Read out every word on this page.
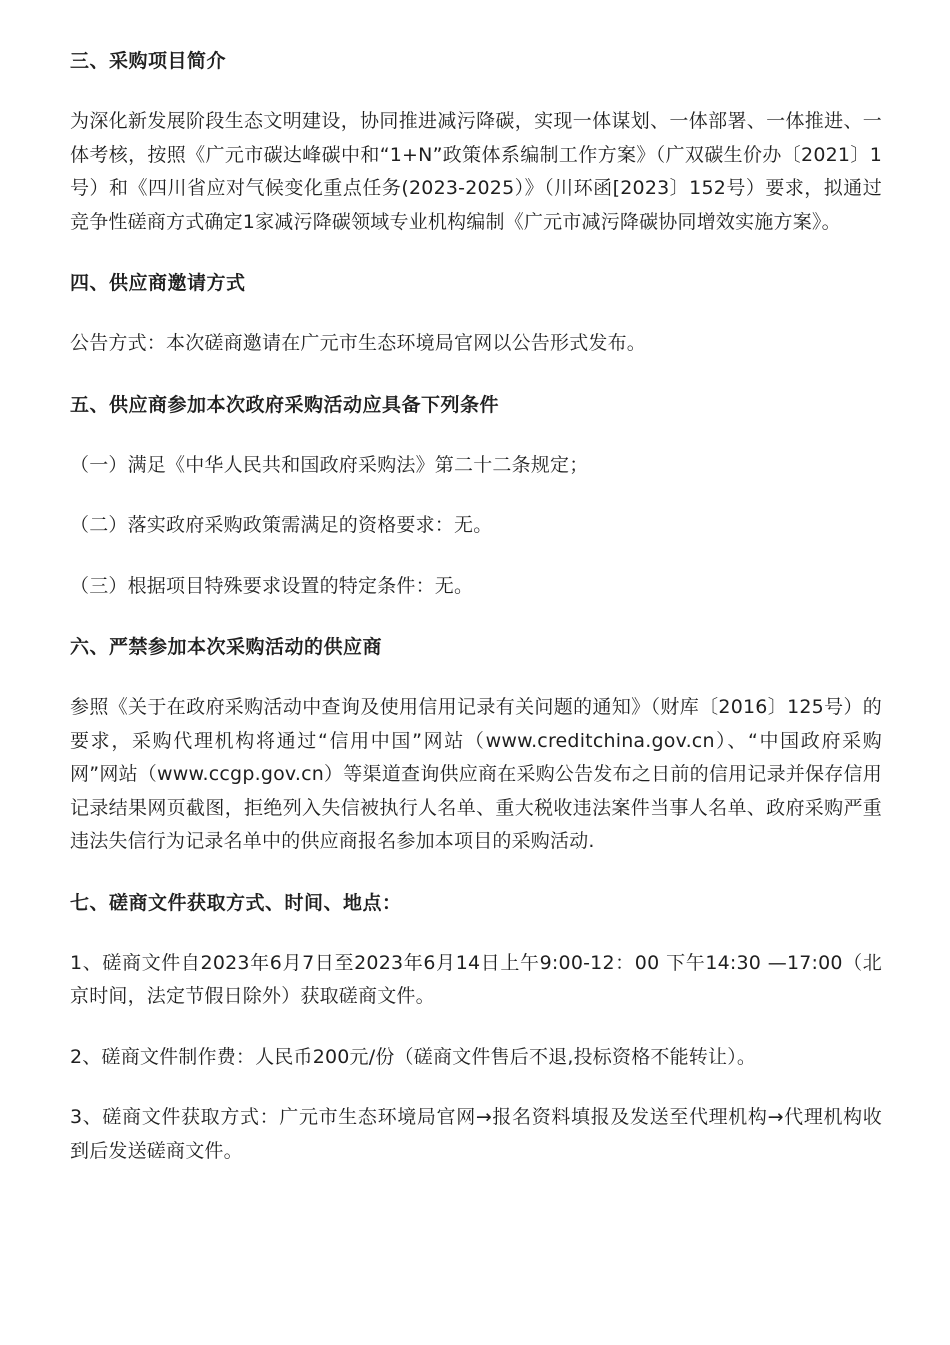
三、采购项目简介
为深化新发展阶段生态文明建设，协同推进减污降碳，实现一体谋划、一体部署、一体推进、一体考核，按照《广元市碳达峰碳中和“1+N”政策体系编制工作方案》（广双碳生价办〔2021〕1号）和《四川省应对气候变化重点任务(2023-2025）》（川环函[2023〕152号）要求，拟通过竞争性磋商方式确定1家减污降碳领域专业机构编制《广元市减污降碳协同增效实施方案》。
四、供应商邀请方式
公告方式：本次磋商邀请在广元市生态环境局官网以公告形式发布。
五、供应商参加本次政府采购活动应具备下列条件
（一）满足《中华人民共和国政府采购法》第二十二条规定；
（二）落实政府采购政策需满足的资格要求：无。
（三）根据项目特殊要求设置的特定条件：无。
六、严禁参加本次采购活动的供应商
参照《关于在政府采购活动中查询及使用信用记录有关问题的通知》（财库〔2016〕125号）的要求，采购代理机构将通过“信用中国”网站（www.creditchina.gov.cn）、“中国政府采购网”网站（www.ccgp.gov.cn）等渠道查询供应商在采购公告发布之日前的信用记录并保存信用记录结果网页截图，拒绝列入失信被执行人名单、重大税收违法案件当事人名单、政府采购严重违法失信行为记录名单中的供应商报名参加本项目的采购活动.
七、磋商文件获取方式、时间、地点：
1、磋商文件自2023年6月7日至2023年6月14日上午9:00-12：00 下午14:30 —17:00（北京时间，法定节假日除外）获取磋商文件。
2、磋商文件制作费：人民币200元/份（磋商文件售后不退,投标资格不能转让）。
3、磋商文件获取方式：广元市生态环境局官网→报名资料填报及发送至代理机构→代理机构收到后发送磋商文件。
